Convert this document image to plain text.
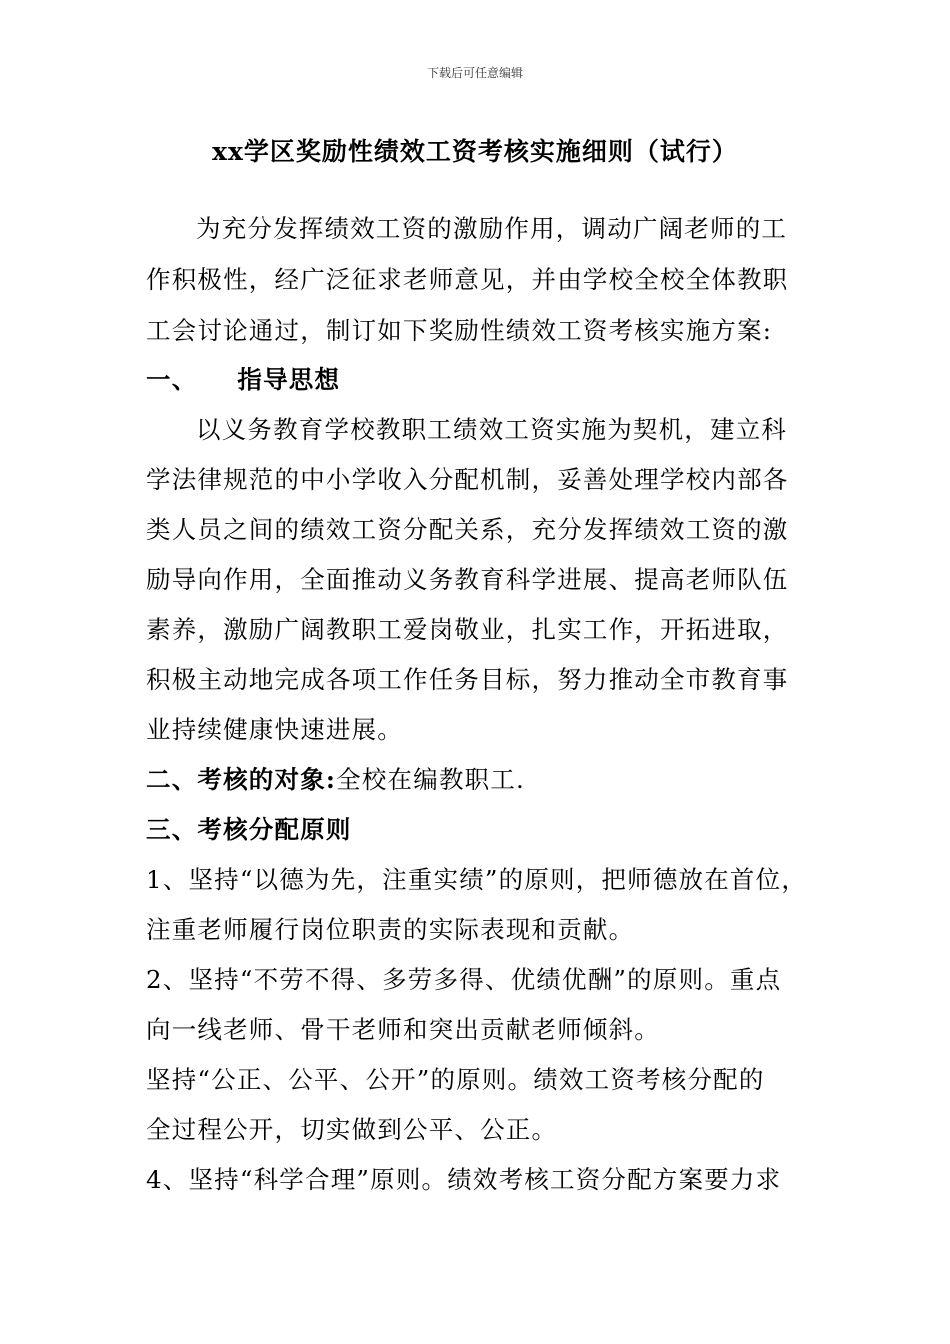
下载后可任意编辑
xx学区奖励性绩效工资考核实施细则（试行）
为充分发挥绩效工资的激励作用，调动广阔老师的工
作积极性，经广泛征求老师意见，并由学校全校全体教职
工会讨论通过，制订如下奖励性绩效工资考核实施方案:
一、 指导思想
以义务教育学校教职工绩效工资实施为契机，建立科
学法律规范的中小学收入分配机制，妥善处理学校内部各
类人员之间的绩效工资分配关系，充分发挥绩效工资的激
励导向作用，全面推动义务教育科学进展、提高老师队伍
素养，激励广阔教职工爱岗敬业，扎实工作，开拓进取，
积极主动地完成各项工作任务目标，努力推动全市教育事
业持续健康快速进展。
二、考核的对象:全校在编教职工.
三、考核分配原则
1、坚持“以德为先，注重实绩”的原则，把师德放在首位，
注重老师履行岗位职责的实际表现和贡献。
2、坚持“不劳不得、多劳多得、优绩优酬”的原则。重点
向一线老师、骨干老师和突出贡献老师倾斜。
坚持“公正、公平、公开”的原则。绩效工资考核分配的
全过程公开，切实做到公平、公正。
4、坚持“科学合理”原则。绩效考核工资分配方案要力求
